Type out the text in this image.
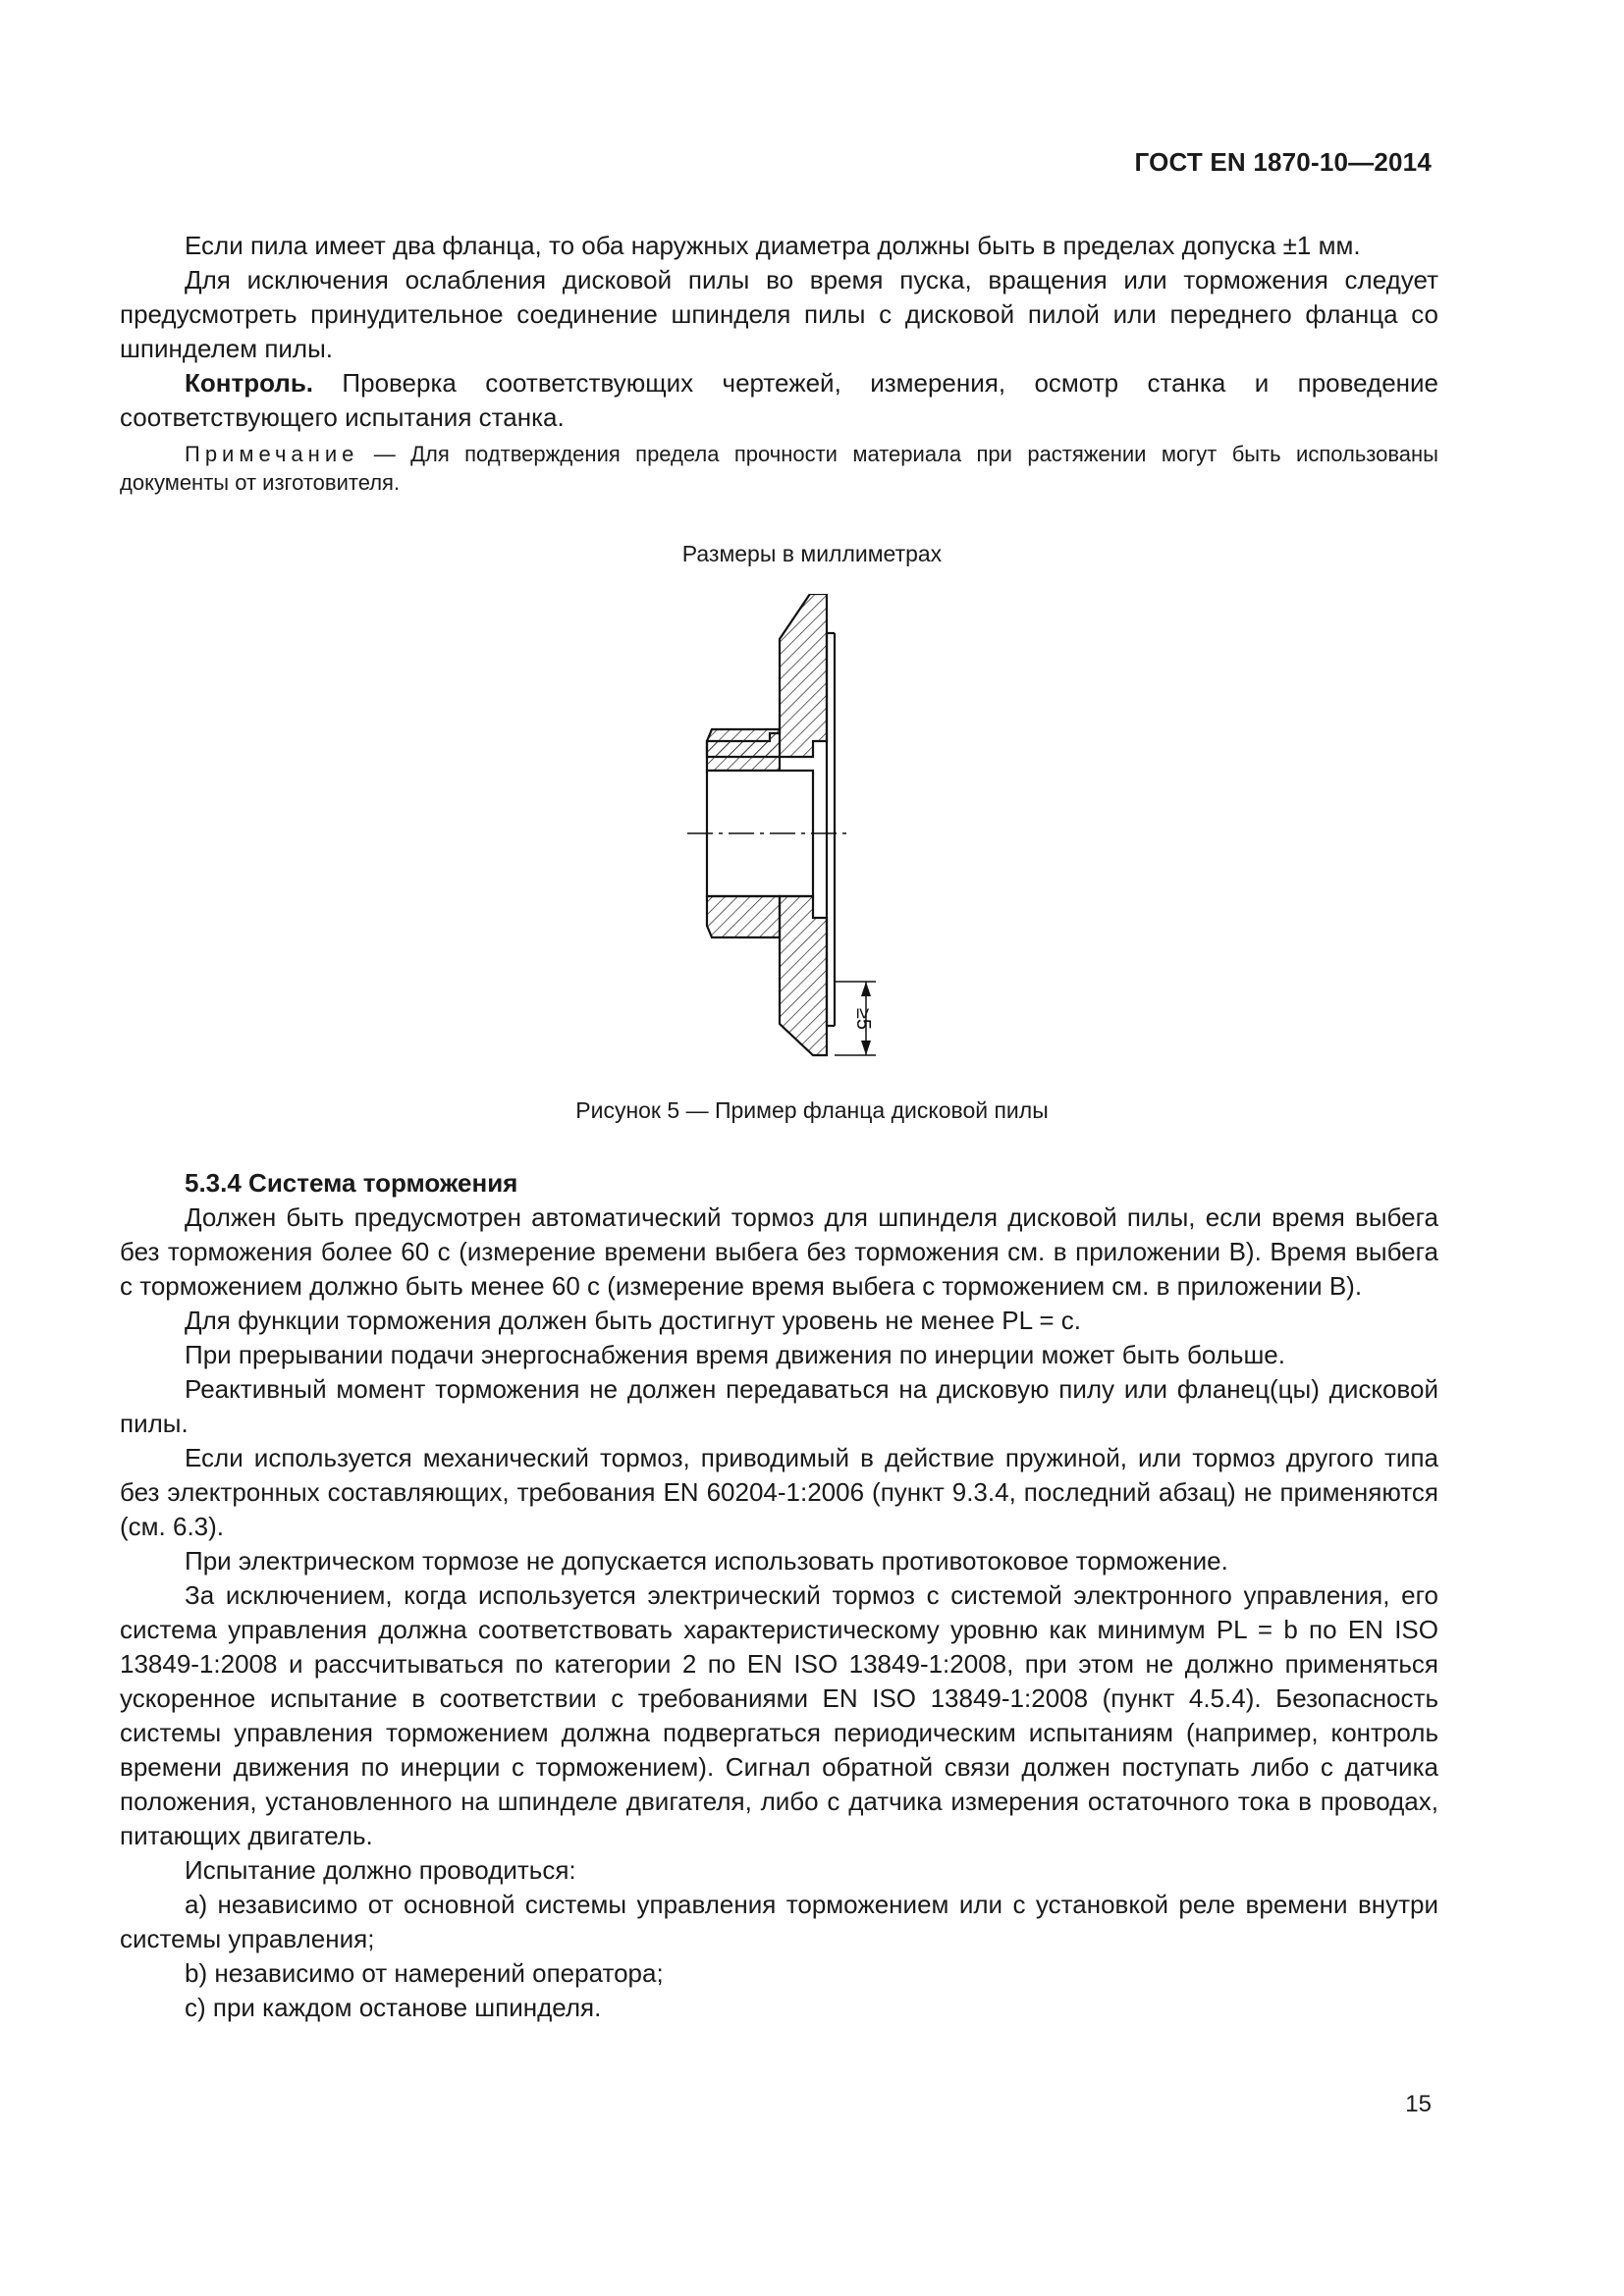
ГОСТ EN 1870-10—2014

Если пила имеет два фланца, то оба наружных диаметра должны быть в пределах допуска ±1 мм.

Для исключения ослабления дисковой пилы во время пуска, вращения или торможения следует предусмотреть принудительное соединение шпинделя пилы с дисковой пилой или переднего фланца со шпинделем пилы.

Контроль. Проверка соответствующих чертежей, измерения, осмотр станка и проведение соответствующего испытания станка.

Примечание — Для подтверждения предела прочности материала при растяжении могут быть использованы документы от изготовителя.
Размеры в миллиметрах
≥5
Рисунок 5 — Пример фланца дисковой пилы

5.3.4 Система торможения

Должен быть предусмотрен автоматический тормоз для шпинделя дисковой пилы, если время выбега без торможения более 60 с (измерение времени выбега без торможения см. в приложении В). Время выбега с торможением должно быть менее 60 с (измерение время выбега с торможением см. в приложении В).

Для функции торможения должен быть достигнут уровень не менее PL = с.

При прерывании подачи энергоснабжения время движения по инерции может быть больше.

Реактивный момент торможения не должен передаваться на дисковую пилу или фланец(цы) дисковой пилы.

Если используется механический тормоз, приводимый в действие пружиной, или тормоз другого типа без электронных составляющих, требования EN 60204-1:2006 (пункт 9.3.4, последний абзац) не применяются (см. 6.3).

При электрическом тормозе не допускается использовать противотоковое торможение.

За исключением, когда используется электрический тормоз с системой электронного управления, его система управления должна соответствовать характеристическому уровню как минимум PL = b по EN ISO 13849-1:2008 и рассчитываться по категории 2 по EN ISO 13849-1:2008, при этом не должно применяться ускоренное испытание в соответствии с требованиями EN ISO 13849-1:2008 (пункт 4.5.4). Безопасность системы управления торможением должна подвергаться периодическим испытаниям (например, контроль времени движения по инерции с торможением). Сигнал обратной связи должен поступать либо с датчика положения, установленного на шпинделе двигателя, либо с датчика измерения остаточного тока в проводах, питающих двигатель.

Испытание должно проводиться:

a) независимо от основной системы управления торможением или с установкой реле времени внутри системы управления;

b) независимо от намерений оператора;

c) при каждом останове шпинделя.

15
